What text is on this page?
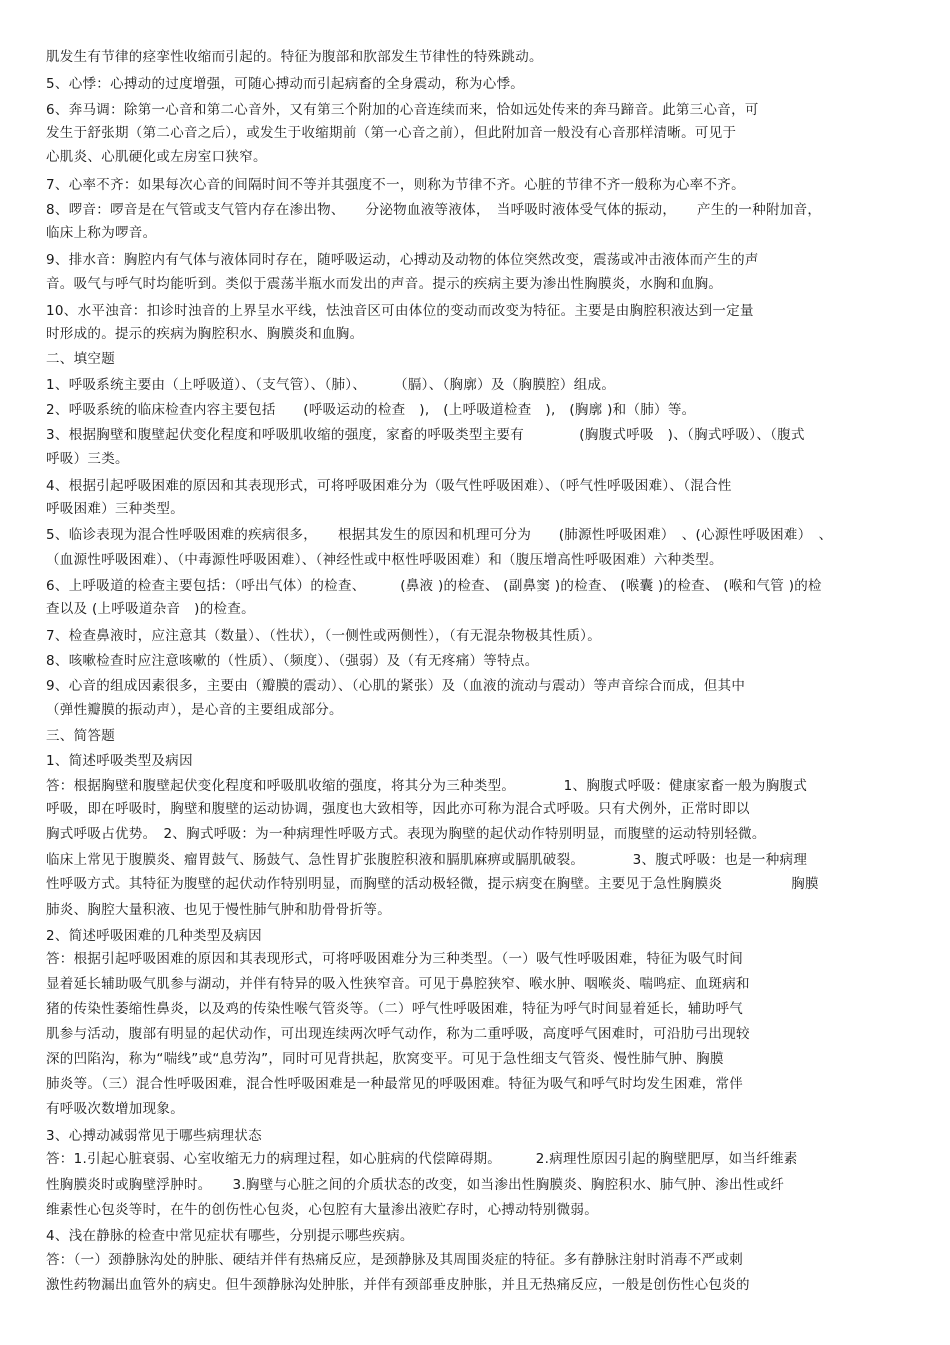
肌发生有节律的痉挛性收缩而引起的。特征为腹部和肷部发生节律性的特殊跳动。
5、心悸：心搏动的过度增强，可随心搏动而引起病畜的全身震动，称为心悸。
6、奔马调：除第一心音和第二心音外，又有第三个附加的心音连续而来，恰如远处传来的奔马蹄音。此第三心音，可
发生于舒张期（第二心音之后），或发生于收缩期前（第一心音之前），但此附加音一般没有心音那样清晰。可见于
心肌炎、心肌硬化或左房室口狭窄。
7、心率不齐：如果每次心音的间隔时间不等并其强度不一，则称为节律不齐。心脏的节律不齐一般称为心率不齐。
8、啰音：啰音是在气管或支气管内存在渗出物、　　分泌物血液等液体，　当呼吸时液体受气体的振动，　　产生的一种附加音，
临床上称为啰音。
9、排水音：胸腔内有气体与液体同时存在，随呼吸运动，心搏动及动物的体位突然改变，震荡或冲击液体而产生的声
音。吸气与呼气时均能听到。类似于震荡半瓶水而发出的声音。提示的疾病主要为渗出性胸膜炎，水胸和血胸。
10、水平浊音：扣诊时浊音的上界呈水平线，怯浊音区可由体位的变动而改变为特征。主要是由胸腔积液达到一定量
时形成的。提示的疾病为胸腔积水、胸膜炎和血胸。
二、填空题
1、呼吸系统主要由（上呼吸道）、（支气管）、（肺）、　　　（膈）、（胸廓）及（胸膜腔）组成。
2、呼吸系统的临床检查内容主要包括　　(呼吸运动的检查　),　(上呼吸道检查　),　(胸廓 )和（肺）等。
3、根据胸壁和腹壁起伏变化程度和呼吸肌收缩的强度，家畜的呼吸类型主要有　　　　(胸腹式呼吸　)、（胸式呼吸）、（腹式
呼吸）三类。
4、根据引起呼吸困难的原因和其表现形式，可将呼吸困难分为（吸气性呼吸困难）、（呼气性呼吸困难）、（混合性
呼吸困难）三种类型。
5、临诊表现为混合性呼吸困难的疾病很多，　　根据其发生的原因和机理可分为　　(肺源性呼吸困难）　、(心源性呼吸困难）　、
（血源性呼吸困难）、（中毒源性呼吸困难）、（神经性或中枢性呼吸困难）和（腹压增高性呼吸困难）六种类型。
6、上呼吸道的检查主要包括：（呼出气体）的检查、　　　(鼻液 )的检查、 (副鼻窦 )的检查、 (喉囊 )的检查、 (喉和气管 )的检
查以及 (上呼吸道杂音　)的检查。
7、检查鼻液时，应注意其（数量）、（性状），（一侧性或两侧性），（有无混杂物极其性质）。
8、咳嗽检查时应注意咳嗽的（性质）、（频度）、（强弱）及（有无疼痛）等特点。
9、心音的组成因素很多，主要由（瓣膜的震动）、（心肌的紧张）及（血液的流动与震动）等声音综合而成，但其中
（弹性瓣膜的振动声），是心音的主要组成部分。
三、简答题
1、简述呼吸类型及病因
答：根据胸壁和腹壁起伏变化程度和呼吸肌收缩的强度，将其分为三种类型。　　　　1、胸腹式呼吸：健康家畜一般为胸腹式
呼吸，即在呼吸时，胸壁和腹壁的运动协调，强度也大致相等，因此亦可称为混合式呼吸。只有犬例外，正常时即以
胸式呼吸占优势。　2、胸式呼吸：为一种病理性呼吸方式。表现为胸壁的起伏动作特别明显，而腹壁的运动特别轻微。
临床上常见于腹膜炎、瘤胃鼓气、肠鼓气、急性胃扩张腹腔积液和膈肌麻痹或膈肌破裂。　　　　3、腹式呼吸：也是一种病理
性呼吸方式。其特征为腹壁的起伏动作特别明显，而胸壁的活动极轻微，提示病变在胸壁。主要见于急性胸膜炎　　　　　胸膜
肺炎、胸腔大量积液、也见于慢性肺气肿和肋骨骨折等。
2、简述呼吸困难的几种类型及病因
答：根据引起呼吸困难的原因和其表现形式，可将呼吸困难分为三种类型。（一）吸气性呼吸困难，特征为吸气时间
显着延长辅助吸气肌参与湖动，并伴有特异的吸入性狭窄音。可见于鼻腔狭窄、喉水肿、咽喉炎、喘鸣症、血斑病和
猪的传染性萎缩性鼻炎，以及鸡的传染性喉气管炎等。（二）呼气性呼吸困难，特征为呼气时间显着延长，辅助呼气
肌参与活动，腹部有明显的起伏动作，可出现连续两次呼气动作，称为二重呼吸，高度呼气困难时，可沿肋弓出现较
深的凹陷沟，称为“喘线”或“息劳沟”，同时可见背拱起，肷窝变平。可见于急性细支气管炎、慢性肺气肿、胸膜
肺炎等。（三）混合性呼吸困难，混合性呼吸困难是一种最常见的呼吸困难。特征为吸气和呼气时均发生困难，常伴
有呼吸次数增加现象。
3、心搏动减弱常见于哪些病理状态
答：1.引起心脏衰弱、心室收缩无力的病理过程，如心脏病的代偿障碍期。　　　2.病理性原因引起的胸壁肥厚，如当纤维素
性胸膜炎时或胸壁浮肿时。　　3.胸壁与心脏之间的介质状态的改变，如当渗出性胸膜炎、胸腔积水、肺气肿、渗出性或纤
维素性心包炎等时，在牛的创伤性心包炎，心包腔有大量渗出液贮存时，心搏动特别微弱。
4、浅在静脉的检查中常见症状有哪些，分别提示哪些疾病。
答：（一）颈静脉沟处的肿胀、硬结并伴有热痛反应，是颈静脉及其周围炎症的特征。多有静脉注射时消毒不严或刺
激性药物漏出血管外的病史。但牛颈静脉沟处肿胀，并伴有颈部垂皮肿胀，并且无热痛反应，一般是创伤性心包炎的
